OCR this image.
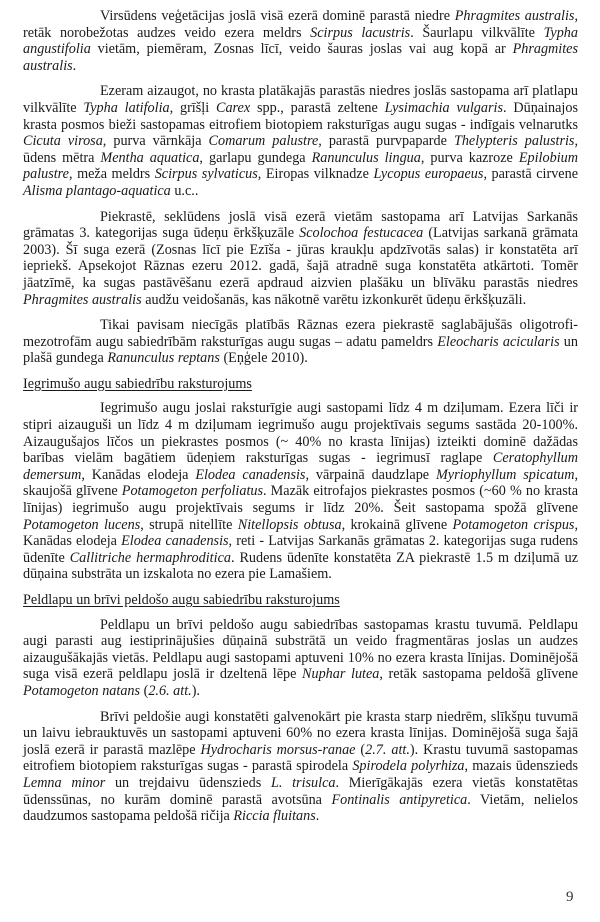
Virsūdens veģetācijas joslā visā ezerā dominē parastā niedre Phragmites australis, retāk norobežotas audzes veido ezera meldrs Scirpus lacustris. Šaurlapu vilkvālīte Typha angustifolia vietām, piemēram, Zosnas līcī, veido šauras joslas vai aug kopā ar Phragmites australis.

Ezeram aizaugot, no krasta platākajās parastās niedres joslās sastopama arī platlapu vilkvālīte Typha latifolia, grīšļi Carex spp., parastā zeltene Lysimachia vulgaris. Dūņainajos krasta posmos bieži sastopamas eitrofiem biotopiem raksturīgas augu sugas - indīgais velnarutks Cicuta virosa, purva vārnkāja Comarum palustre, parastā purvpaparde Thelypteris palustris, ūdens mētra Mentha aquatica, garlapu gundega Ranunculus lingua, purva kazroze Epilobium palustre, meža meldrs Scirpus sylvaticus, Eiropas vilknadze Lycopus europaeus, parastā cirvene Alisma plantago-aquatica u.c..

Piekrastē, seklūdens joslā visā ezerā vietām sastopama arī Latvijas Sarkanās grāmatas 3. kategorijas suga ūdeņu ērkšķuzāle Scolochoa festucacea (Latvijas sarkanā grāmata 2003). Šī suga ezerā (Zosnas līcī pie Ezīša - jūras kraukļu apdzīvotās salas) ir konstatēta arī iepriekš. Apsekojot Rāznas ezeru 2012. gadā, šajā atradnē suga konstatēta atkārtoti. Tomēr jāatzīmē, ka sugas pastāvēšanu ezerā apdraud aizvien plašāku un blīvāku parastās niedres Phragmites australis audžu veidošanās, kas nākotnē varētu izkonkurēt ūdeņu ērkšķuzāli.

Tikai pavisam niecīgās platībās Rāznas ezera piekrastē saglabājušās oligotrofi-mezotrofām augu sabiedrībām raksturīgas augu sugas – adatu pameldrs Eleocharis acicularis un plašā gundega Ranunculus reptans (Eņģele 2010).

Iegrimušo augu sabiedrību raksturojums

Iegrimušo augu joslai raksturīgie augi sastopami līdz 4 m dziļumam. Ezera līči ir stipri aizauguši un līdz 4 m dziļumam iegrimušo augu projektīvais segums sastāda 20-100%. Aizaugušajos līčos un piekrastes posmos (~ 40% no krasta līnijas) izteikti dominē dažādas barības vielām bagātiem ūdeņiem raksturīgas sugas - iegrimusī raglape Ceratophyllum demersum, Kanādas elodeja Elodea canadensis, vārpainā daudzlape Myriophyllum spicatum, skaujošā glīvene Potamogeton perfoliatus. Mazāk eitrofajos piekrastes posmos (~60 % no krasta līnijas) iegrimušo augu projektīvais segums ir līdz 20%. Šeit sastopama spožā glīvene Potamogeton lucens, strupā nitellīte Nitellopsis obtusa, krokainā glīvene Potamogeton crispus, Kanādas elodeja Elodea canadensis, reti - Latvijas Sarkanās grāmatas 2. kategorijas suga rudens ūdenīte Callitriche hermaphroditica. Rudens ūdenīte konstatēta ZA piekrastē 1.5 m dziļumā uz dūņaina substrāta un izskalota no ezera pie Lamašiem.

Peldlapu un brīvi peldošo augu sabiedrību raksturojums

Peldlapu un brīvi peldošo augu sabiedrības sastopamas krastu tuvumā. Peldlapu augi parasti aug iestiprinājušies dūņainā substrātā un veido fragmentāras joslas un audzes aizaugušākajās vietās. Peldlapu augi sastopami aptuveni 10% no ezera krasta līnijas. Dominējošā suga visā ezerā peldlapu joslā ir dzeltenā lēpe Nuphar lutea, retāk sastopama peldošā glīvene Potamogeton natans (2.6. att.).

Brīvi peldošie augi konstatēti galvenokārt pie krasta starp niedrēm, slīkšņu tuvumā un laivu iebrauktuvēs un sastopami aptuveni 60% no ezera krasta līnijas. Dominējošā suga šajā joslā ezerā ir parastā mazlēpe Hydrocharis morsus-ranae (2.7. att.). Krastu tuvumā sastopamas eitrofiem biotopiem raksturīgas sugas - parastā spirodela Spirodela polyrhiza, mazais ūdenszieds Lemna minor un trejdaivu ūdenszieds L. trisulca. Mierīgākajās ezera vietās konstatētas ūdenssūnas, no kurām dominē parastā avotsūna Fontinalis antipyretica. Vietām, nelielos daudzumos sastopama peldošā ričija Riccia fluitans.

9
